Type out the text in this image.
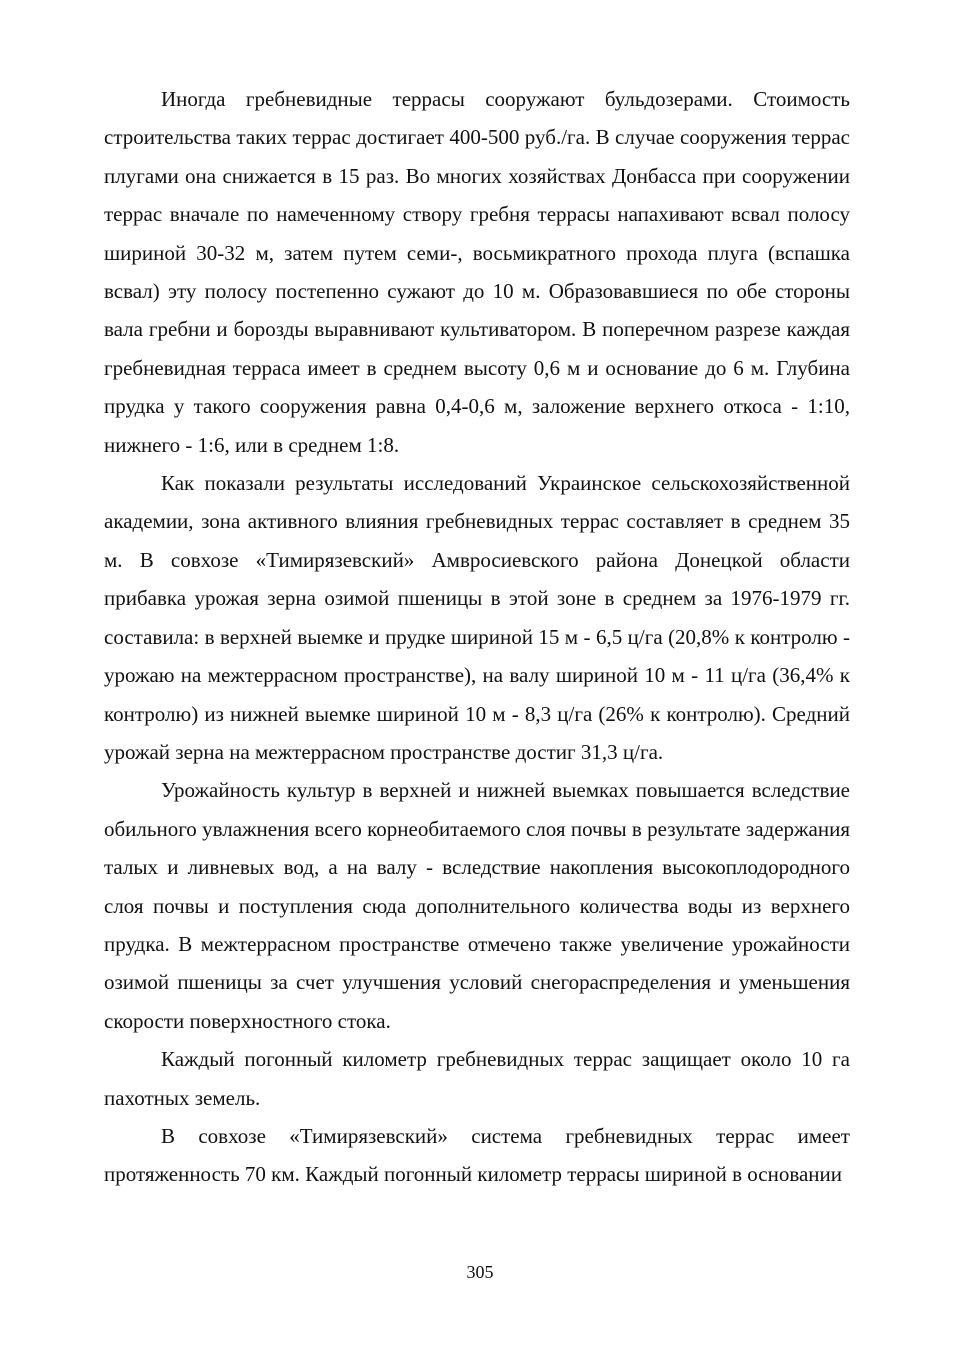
Иногда гребневидные террасы сооружают бульдозерами. Стоимость строительства таких террас достигает 400-500 руб./га. В случае сооружения террас плугами она снижается в 15 раз. Во многих хозяйствах Донбасса при сооружении террас вначале по намеченному створу гребня террасы напахивают всвал полосу шириной 30-32 м, затем путем семи-, восьмикратного прохода плуга (вспашка всвал) эту полосу постепенно сужают до 10 м. Образовавшиеся по обе стороны вала гребни и борозды выравнивают культиватором. В поперечном разрезе каждая гребневидная терраса имеет в среднем высоту 0,6 м и основание до 6 м. Глубина прудка у такого сооружения равна 0,4-0,6 м, заложение верхнего откоса - 1:10, нижнего - 1:6, или в среднем 1:8.

Как показали результаты исследований Украинское сельскохозяйственной академии, зона активного влияния гребневидных террас составляет в среднем 35 м. В совхозе «Тимирязевский» Амвросиевского района Донецкой области прибавка урожая зерна озимой пшеницы в этой зоне в среднем за 1976-1979 гг. составила: в верхней выемке и прудке шириной 15 м - 6,5 ц/га (20,8% к контролю - урожаю на межтеррасном пространстве), на валу шириной 10 м - 11 ц/га (36,4% к контролю) из нижней выемке шириной 10 м - 8,3 ц/га (26% к контролю). Средний урожай зерна на межтеррасном пространстве достиг 31,3 ц/га.

Урожайность культур в верхней и нижней выемках повышается вследствие обильного увлажнения всего корнеобитаемого слоя почвы в результате задержания талых и ливневых вод, а на валу - вследствие накопления высокоплодородного слоя почвы и поступления сюда дополнительного количества воды из верхнего прудка. В межтеррасном пространстве отмечено также увеличение урожайности озимой пшеницы за счет улучшения условий снегораспределения и уменьшения скорости поверхностного стока.

Каждый погонный километр гребневидных террас защищает около 10 га пахотных земель.

В совхозе «Тимирязевский» система гребневидных террас имеет протяженность 70 км. Каждый погонный километр террасы шириной в основании

305
